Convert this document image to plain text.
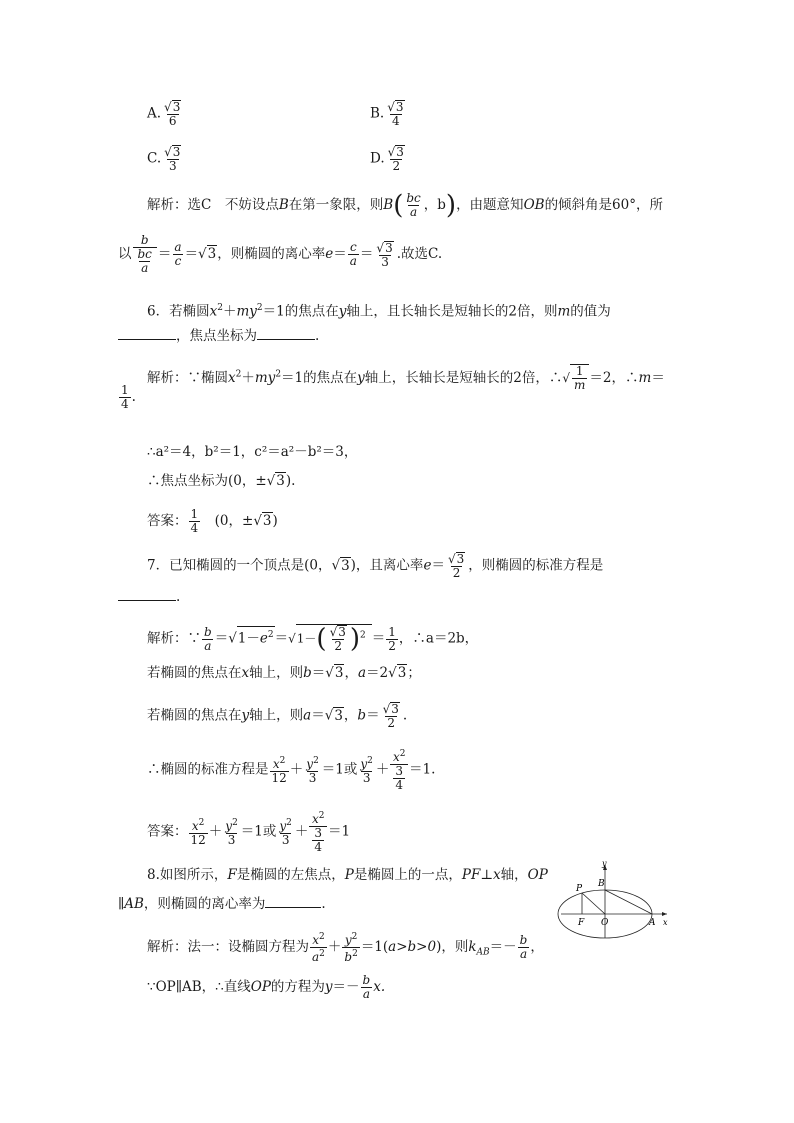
A. $\frac{√3}{6}$	B. $\frac{√3}{4}$
C. $\frac{√3}{3}$	D. $\frac{√3}{2}$
解析：选C　不妨设点B在第一象限，则$B( \frac{bc}{a}$ ，b)，由题意知OB的倾斜角是60°，所
以
b
$\frac{bc}{a} = \frac{a}{c} =√3$，则椭圆的离心率$e= \frac{c}{a} = \frac{√3}{3}$ .故选C.
6．若椭圆$x^2+my^2=1$的焦点在y轴上，且长轴长是短轴长的2倍，则m的值为
，焦点坐标为	.
解析：∵椭圆$x^2+my^2=1$的焦点在y轴上，长轴长是短轴长的2倍，∴√ $\frac{1}{m} =2$，∴m＝
$\frac{1}{4}$ .
∴a²＝4，b²＝1，c²＝a²－b²＝3，
∴焦点坐标为(0，±√3).
答案： $\frac{1}{4}$
　 (0，±√3)
7．已知椭圆的一个顶点是(0，√3)，且离心率$e= \frac{√3}{2}$ ，则椭圆的标准方程是
.
解析：∵ $\frac{b}{a} =√1-e^2=√1-( \frac{√3}{2} )^2 = \frac{1}{2}$ ，∴a＝2b，
若椭圆的焦点在x轴上，则b＝√3，a＝2√3；
若椭圆的焦点在y轴上，则a＝√3，$b= \frac{√3}{2}$ .
∴椭圆的标准方程是 $\frac{x^2}{12} + \frac{y^2}{3} =1$或 $\frac{y^2}{3} + \frac{x^2}{\frac{3}{4}} =1$.
答案： $\frac{x^2}{12} + \frac{y^2}{3} =1$或 $\frac{y^2}{3} + \frac{x^2}{\frac{3}{4}} =1$
8.如图所示，F是椭圆的左焦点，P是椭圆上的一点，PF⊥x轴，OP
∥AB，则椭圆的离心率为	.
解析：法一：设椭圆方程为 $\frac{x^2}{a^2} + \frac{y^2}{b^2} =1(a>b>0)$，则$k_{AB}=- \frac{b}{a}$ ，
∵OP∥AB，∴直线OP的方程为$y=- \frac{b}{a} x$.
P B
y
F O	A x
